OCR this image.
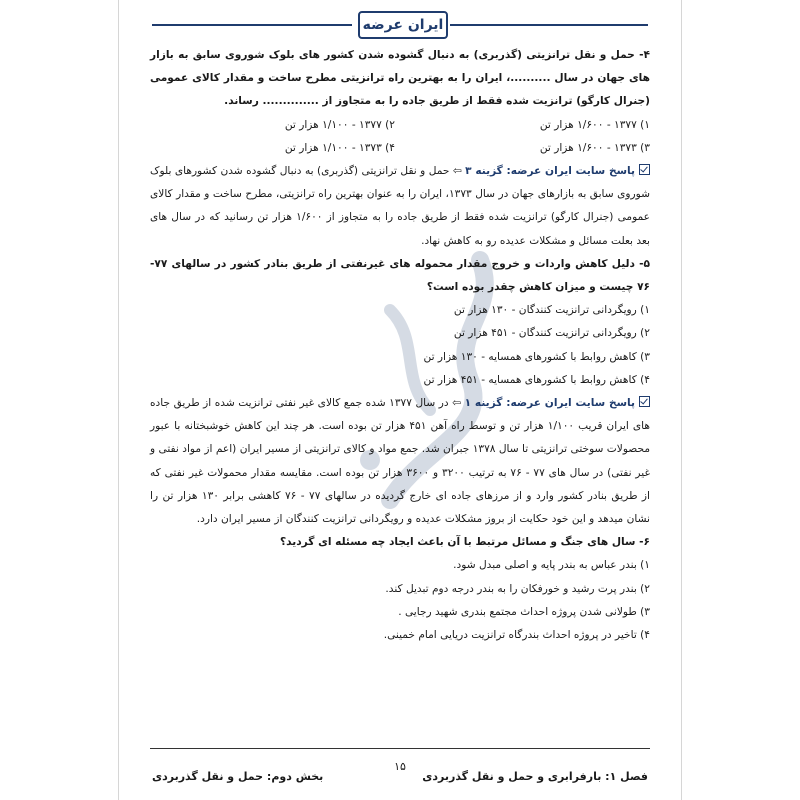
ایران عرضه

۴- حمل و نقل ترانزیتی (گذربری) به دنبال گشوده شدن کشور های بلوک شوروی سابق به بازار های جهان در سال ..........، ایران را به بهترین راه ترانزیتی مطرح ساخت و مقدار کالای عمومی (جنرال کارگو) ترانزیت شده فقط از طریق جاده را به متجاوز از .............. رساند.

۱) ۱۳۷۷ - ۱/۶۰۰ هزار تن
۲) ۱۳۷۷ - ۱/۱۰۰ هزار تن
۳) ۱۳۷۳ - ۱/۶۰۰ هزار تن
۴) ۱۳۷۳ - ۱/۱۰۰ هزار تن

پاسخ سایت ایران عرضه: گزینه ۳ ⇦ حمل و نقل ترانزیتی (گذربری) به دنبال گشوده شدن کشورهای بلوک شوروی سابق به بازارهای جهان در سال ۱۳۷۳، ایران را به عنوان بهترین راه ترانزیتی، مطرح ساخت و مقدار کالای عمومی (جنرال کارگو) ترانزیت شده فقط از طریق جاده را به متجاوز از ۱/۶۰۰ هزار تن رسانید که در سال های بعد بعلت مسائل و مشکلات عدیده رو به کاهش نهاد.

۵- دلیل کاهش واردات و خروج مقدار محموله های غیرنفتی از طریق بنادر کشور در سالهای ۷۷- ۷۶ چیست و میزان کاهش چقدر بوده است؟

۱) رویگردانی ترانزیت کنندگان - ۱۳۰ هزار تن
۲) رویگردانی ترانزیت کنندگان - ۴۵۱ هزار تن
۳) کاهش روابط با کشورهای همسایه - ۱۳۰ هزار تن
۴) کاهش روابط با کشورهای همسایه - ۴۵۱ هزار تن

پاسخ سایت ایران عرضه: گزینه ۱ ⇦ در سال ۱۳۷۷ شده جمع کالای غیر نفتی ترانزیت شده از طریق جاده های ایران قریب ۱/۱۰۰ هزار تن و توسط راه آهن ۴۵۱ هزار تن بوده است. هر چند این کاهش خوشبختانه با عبور محصولات سوختی ترانزیتی تا سال ۱۳۷۸ جبران شد. جمع مواد و کالای ترانزیتی از مسیر ایران (اعم از مواد نفتی و غیر نفتی) در سال های ۷۷ - ۷۶ به ترتیب ۳۲۰۰ و ۳۶۰۰ هزار تن بوده است. مقایسه مقدار محمولات غیر نفتی که از طریق بنادر کشور وارد و از مرزهای جاده ای خارج گردیده در سالهای ۷۷ - ۷۶ کاهشی برابر ۱۳۰ هزار تن را نشان میدهد و این خود حکایت از بروز مشکلات عدیده و رویگردانی ترانزیت کنندگان از مسیر ایران دارد.

۶- سال های جنگ و مسائل مرتبط با آن باعث ایجاد چه مسئله ای گردید؟

۱) بندر عباس به بندر پایه و اصلی مبدل شود.
۲) بندر پرت رشید و خورفکان را به بندر درجه دوم تبدیل کند.
۳) طولانی شدن پروژه احداث مجتمع بندری شهید رجایی .
۴) تاخیر در پروژه احداث بندرگاه ترانزیت دریایی امام خمینی.
۱۵
فصل ۱: بارفرابری و حمل و نقل گذربردی
بخش دوم: حمل و نقل گذربردی
